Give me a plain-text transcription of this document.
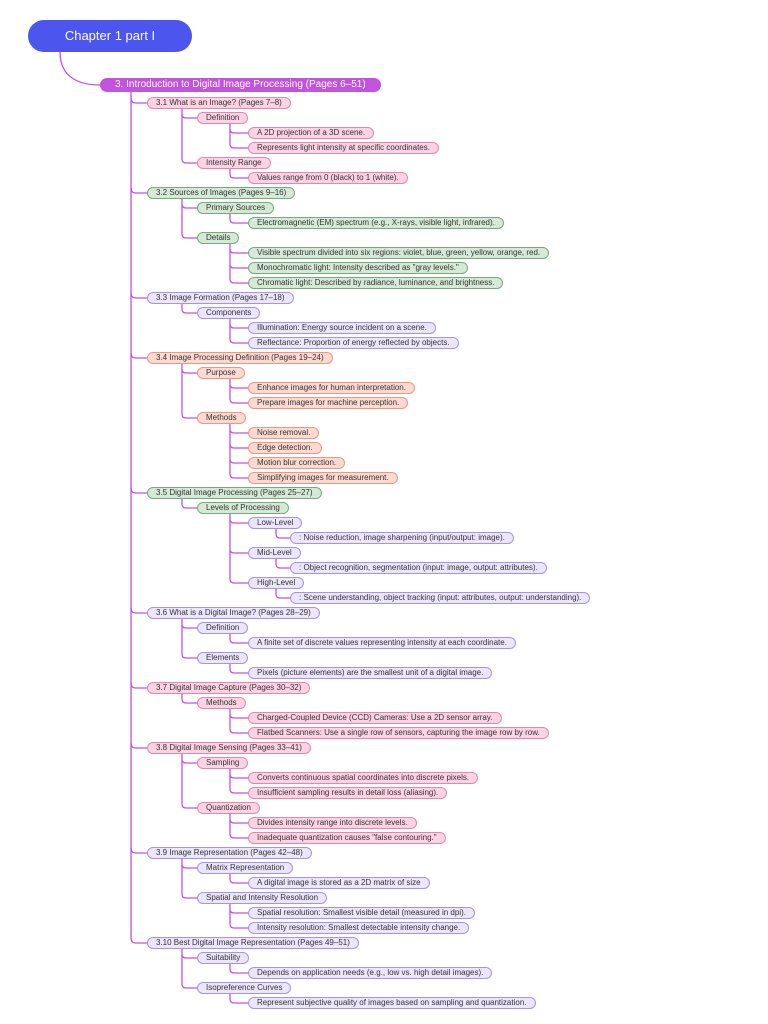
Chapter 1 part I
3. Introduction to Digital Image Processing (Pages 6–51)
3.1 What is an Image? (Pages 7–8)
Definition
A 2D projection of a 3D scene.
Represents light intensity at specific coordinates.
Intensity Range
Values range from 0 (black) to 1 (white).
3.2 Sources of Images (Pages 9–16)
Primary Sources
Electromagnetic (EM) spectrum (e.g., X-rays, visible light, infrared).
Details
Visible spectrum divided into six regions: violet, blue, green, yellow, orange, red.
Monochromatic light: Intensity described as "gray levels."
Chromatic light: Described by radiance, luminance, and brightness.
3.3 Image Formation (Pages 17–18)
Components
Illumination: Energy source incident on a scene.
Reflectance: Proportion of energy reflected by objects.
3.4 Image Processing Definition (Pages 19–24)
Purpose
Enhance images for human interpretation.
Prepare images for machine perception.
Methods
Noise removal.
Edge detection.
Motion blur correction.
Simplifying images for measurement.
3.5 Digital Image Processing (Pages 25–27)
Levels of Processing
Low-Level
: Noise reduction, image sharpening (input/output: image).
Mid-Level
: Object recognition, segmentation (input: image, output: attributes).
High-Level
: Scene understanding, object tracking (input: attributes, output: understanding).
3.6 What is a Digital Image? (Pages 28–29)
Definition
A finite set of discrete values representing intensity at each coordinate.
Elements
Pixels (picture elements) are the smallest unit of a digital image.
3.7 Digital Image Capture (Pages 30–32)
Methods
Charged-Coupled Device (CCD) Cameras: Use a 2D sensor array.
Flatbed Scanners: Use a single row of sensors, capturing the image row by row.
3.8 Digital Image Sensing (Pages 33–41)
Sampling
Converts continuous spatial coordinates into discrete pixels.
Insufficient sampling results in detail loss (aliasing).
Quantization
Divides intensity range into discrete levels.
Inadequate quantization causes "false contouring."
3.9 Image Representation (Pages 42–48)
Matrix Representation
A digital image is stored as a 2D matrix of size
Spatial and Intensity Resolution
Spatial resolution: Smallest visible detail (measured in dpi).
Intensity resolution: Smallest detectable intensity change.
3.10 Best Digital Image Representation (Pages 49–51)
Suitability
Depends on application needs (e.g., low vs. high detail images).
Isopreference Curves
Represent subjective quality of images based on sampling and quantization.
